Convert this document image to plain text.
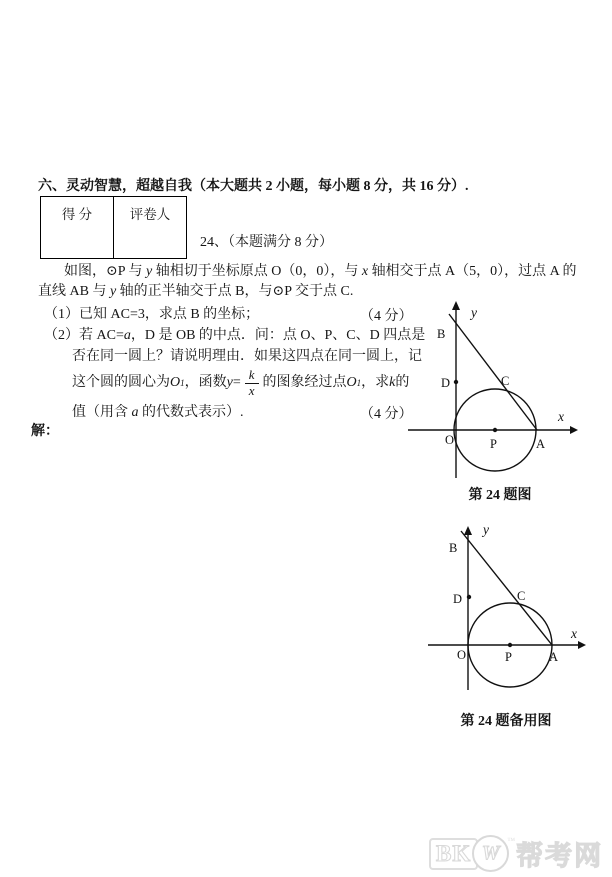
六、灵动智慧，超越自我（本大题共 2 小题，每小题 8 分，共 16 分）.
得 分	评卷人
24、（本题满分 8 分）
如图，⊙P 与 y 轴相切于坐标原点 O（0，0），与 x 轴相交于点 A（5，0），过点 A 的
直线 AB 与 y 轴的正半轴交于点 B，与⊙P 交于点 C.
（1）已知 AC=3，求点 B 的坐标；	（4 分）
（2）若 AC=a，D 是 OB 的中点．问：点 O、P、C、D 四点是
否在同一圆上？请说明理由．如果这四点在同一圆上，记
这个圆的圆心为 O 1 ，函数 $y = \frac{k}{x}$ 的图象经过点 O 1 ，求 k 的
值（用含 a 的代数式表示）.	（4 分）
解：
y
x
B
D	C
O	P	A
第 24 题图
y
x
B
D	C
O	P	A
第 24 题备用图
BK W
™
帮考网
